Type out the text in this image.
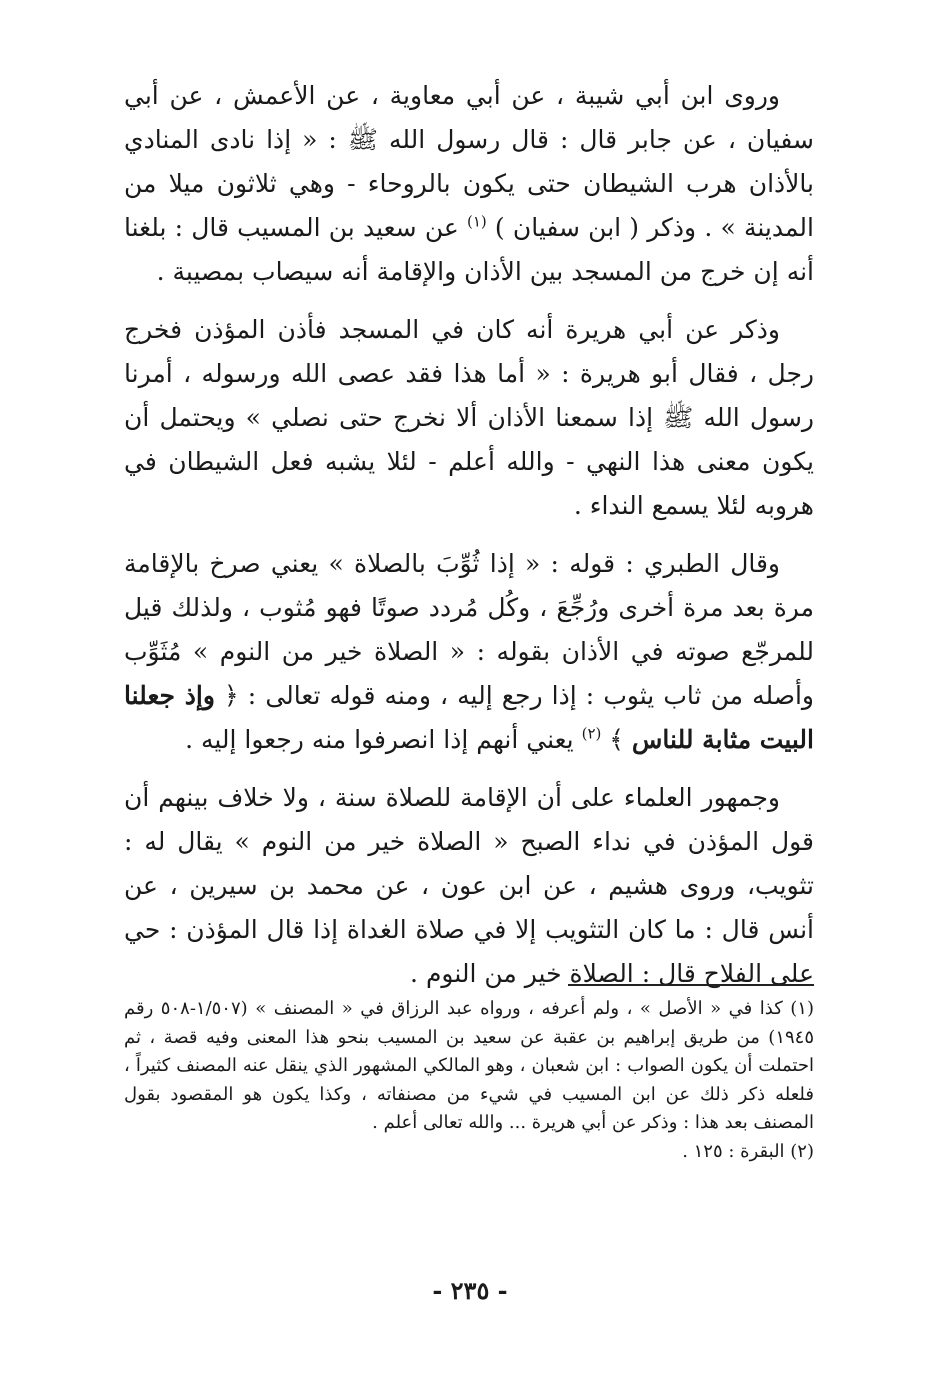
وروى ابن أبي شيبة ، عن أبي معاوية ، عن الأعمش ، عن أبي سفيان ، عن جابر قال : قال رسول الله ﷺ : « إذا نادى المنادي بالأذان هرب الشيطان حتى يكون بالروحاء - وهي ثلاثون ميلا من المدينة » . وذكر ( ابن سفيان ) $^{(١)}$ عن سعيد بن المسيب قال : بلغنا أنه إن خرج من المسجد بين الأذان والإقامة أنه سيصاب بمصيبة .

وذكر عن أبي هريرة أنه كان في المسجد فأذن المؤذن فخرج رجل ، فقال أبو هريرة : « أما هذا فقد عصى الله ورسوله ، أمرنا رسول الله ﷺ إذا سمعنا الأذان ألا نخرج حتى نصلي » ويحتمل أن يكون معنى هذا النهي - والله أعلم - لئلا يشبه فعل الشيطان في هروبه لئلا يسمع النداء .

وقال الطبري : قوله : « إذا ثُوِّبَ بالصلاة » يعني صرخ بالإقامة مرة بعد مرة أخرى ورُجِّعَ ، وكُل مُردد صوتًا فهو مُثوب ، ولذلك قيل للمرجّع صوته في الأذان بقوله : « الصلاة خير من النوم » مُثَوِّب وأصله من ثاب يثوب : إذا رجع إليه ، ومنه قوله تعالى : ﴿ وإذ جعلنا البيت مثابة للناس ﴾ $^{(٢)}$ يعني أنهم إذا انصرفوا منه رجعوا إليه .

وجمهور العلماء على أن الإقامة للصلاة سنة ، ولا خلاف بينهم أن قول المؤذن في نداء الصبح « الصلاة خير من النوم » يقال له : تثويب، وروى هشيم ، عن ابن عون ، عن محمد بن سيرين ، عن أنس قال : ما كان التثويب إلا في صلاة الغداة إذا قال المؤذن : حي على الفلاح قال : الصلاة خير من النوم .

(١) كذا في « الأصل » ، ولم أعرفه ، ورواه عبد الرزاق في « المصنف » (١/٥٠٧-٥٠٨ رقم ١٩٤٥) من طريق إبراهيم بن عقبة عن سعيد بن المسيب بنحو هذا المعنى وفيه قصة ، ثم احتملت أن يكون الصواب : ابن شعبان ، وهو المالكي المشهور الذي ينقل عنه المصنف كثيراً ، فلعله ذكر ذلك عن ابن المسيب في شيء من مصنفاته ، وكذا يكون هو المقصود بقول المصنف بعد هذا : وذكر عن أبي هريرة ... والله تعالى أعلم .

(٢) البقرة : ١٢٥ .

- ٢٣٥ -
